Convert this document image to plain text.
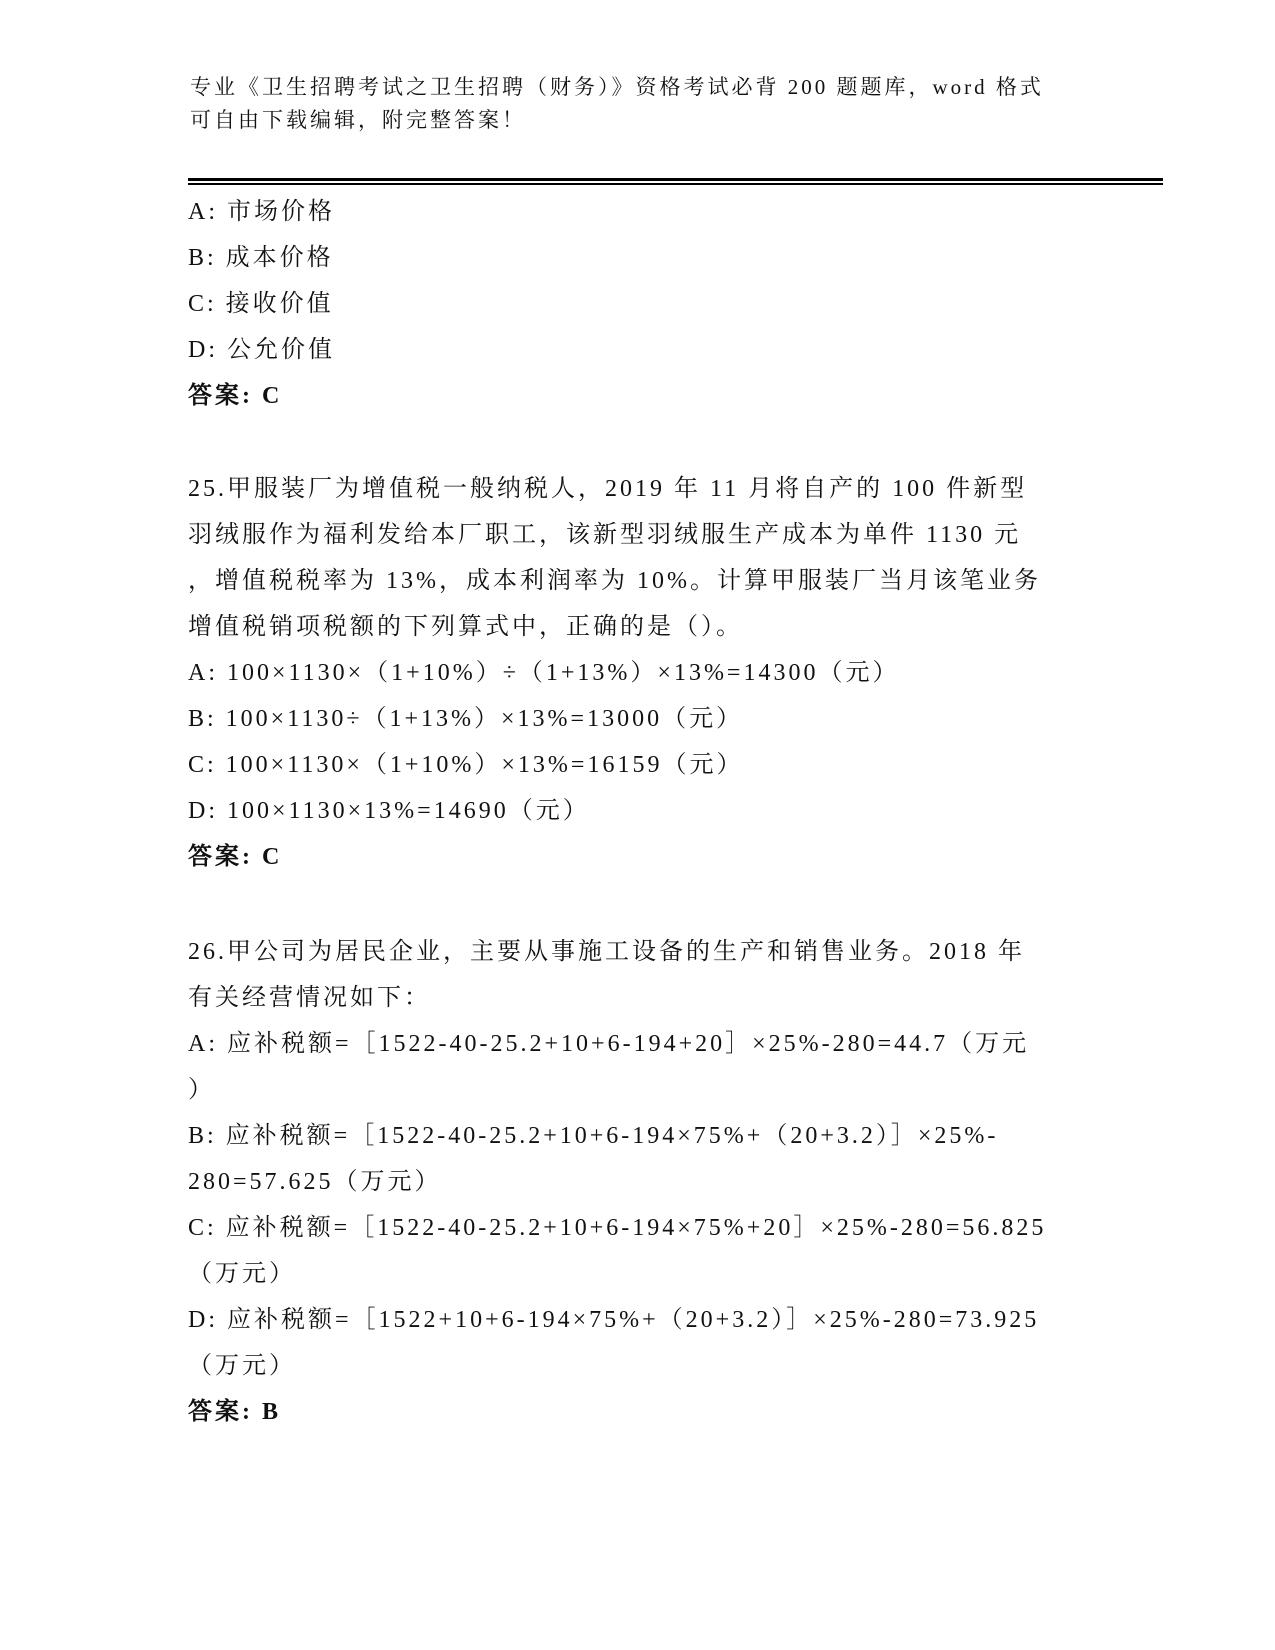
专业《卫生招聘考试之卫生招聘（财务）》资格考试必背 200 题题库，word 格式
可自由下载编辑，附完整答案！
A: 市场价格
B: 成本价格
C: 接收价值
D: 公允价值
答案: C
25.甲服装厂为增值税一般纳税人，2019 年 11 月将自产的 100 件新型
羽绒服作为福利发给本厂职工，该新型羽绒服生产成本为单件 1130 元
，增值税税率为 13%，成本利润率为 10%。计算甲服装厂当月该笔业务
增值税销项税额的下列算式中，正确的是（）。
A: 100×1130×（1+10%）÷（1+13%）×13%=14300（元）
B: 100×1130÷（1+13%）×13%=13000（元）
C: 100×1130×（1+10%）×13%=16159（元）
D: 100×1130×13%=14690（元）
答案: C
26.甲公司为居民企业，主要从事施工设备的生产和销售业务。2018 年
有关经营情况如下：
A: 应补税额=［1522-40-25.2+10+6-194+20］×25%-280=44.7（万元
）
B: 应补税额=［1522-40-25.2+10+6-194×75%+（20+3.2）］×25%-
280=57.625（万元）
C: 应补税额=［1522-40-25.2+10+6-194×75%+20］×25%-280=56.825
（万元）
D: 应补税额=［1522+10+6-194×75%+（20+3.2）］×25%-280=73.925
（万元）
答案: B
